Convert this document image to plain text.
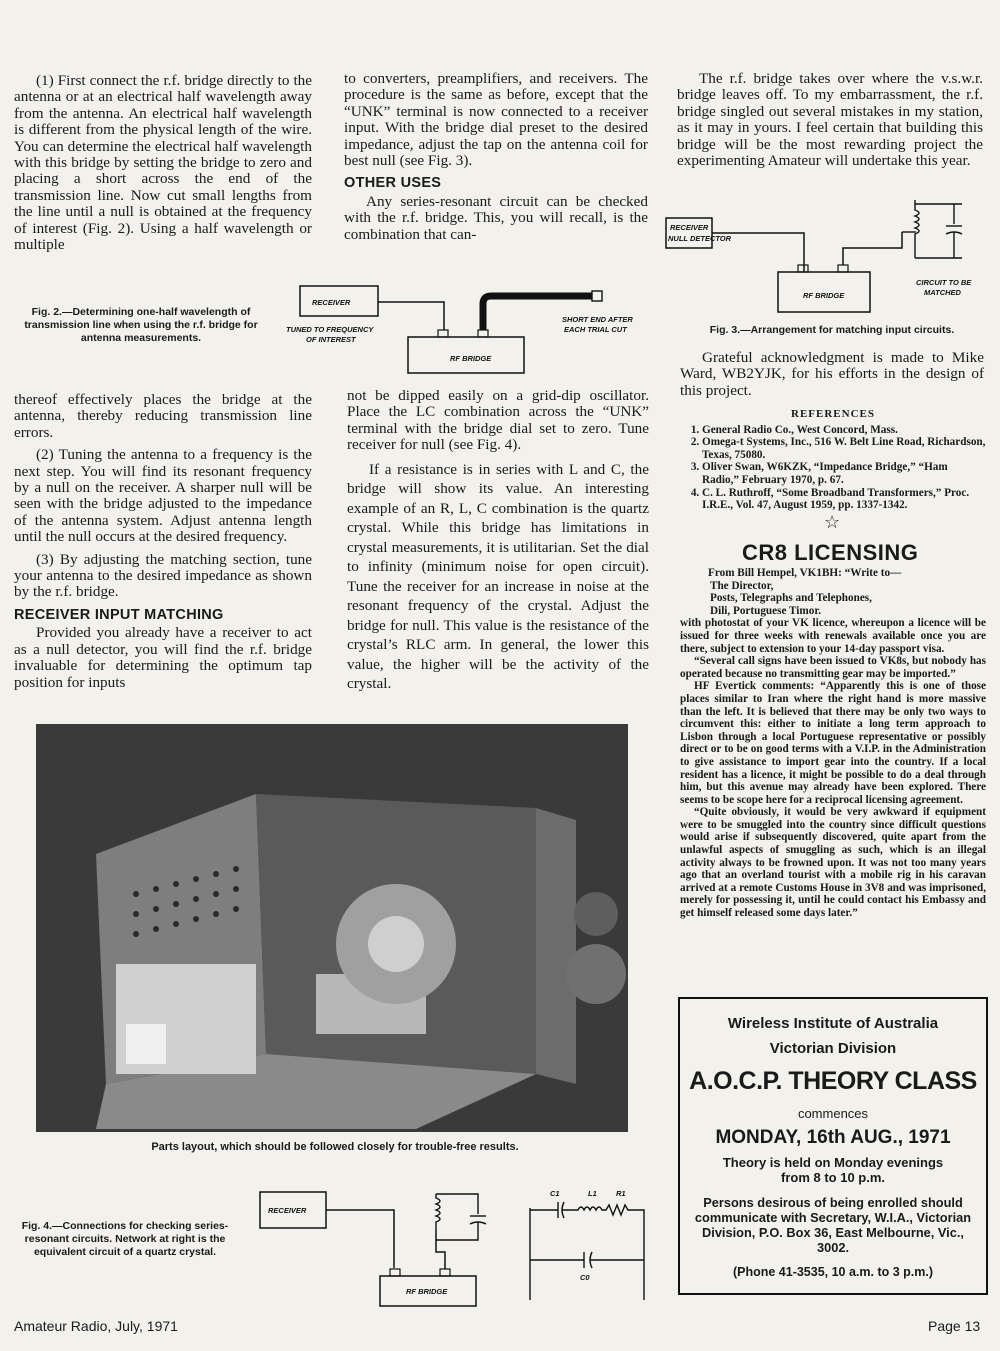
(1) First connect the r.f. bridge directly to the antenna or at an electrical half wavelength away from the antenna. An electrical half wavelength is different from the physical length of the wire. You can determine the electrical half wavelength with this bridge by setting the bridge to zero and placing a short across the end of the transmission line. Now cut small lengths from the line until a null is obtained at the frequency of interest (Fig. 2). Using a half wavelength or multiple

to converters, preamplifiers, and receivers. The procedure is the same as before, except that the “UNK” terminal is now connected to a receiver input. With the bridge dial preset to the desired impedance, adjust the tap on the antenna coil for best null (see Fig. 3).

OTHER USES

Any series-resonant circuit can be checked with the r.f. bridge. This, you will recall, is the combination that can-

The r.f. bridge takes over where the v.s.w.r. bridge leaves off. To my embarrassment, the r.f. bridge singled out several mistakes in my station, as it may in yours. I feel certain that building this bridge will be the most rewarding project the experimenting Amateur will undertake this year.

RECEIVER
NULL DETECTOR
RF BRIDGE
CIRCUIT TO BE
MATCHED
Fig. 3.—Arrangement for matching input circuits.
Fig. 2.—Determining one-half wavelength of transmission line when using the r.f. bridge for antenna measurements.
RECEIVER
TUNED TO FREQUENCY
OF INTEREST
RF BRIDGE
SHORT END AFTER
EACH TRIAL CUT

thereof effectively places the bridge at the antenna, thereby reducing transmission line errors.

(2) Tuning the antenna to a frequency is the next step. You will find its resonant frequency by a null on the receiver. A sharper null will be seen with the bridge adjusted to the impedance of the antenna system. Adjust antenna length until the null occurs at the desired frequency.

(3) By adjusting the matching section, tune your antenna to the desired impedance as shown by the r.f. bridge.

RECEIVER INPUT MATCHING

Provided you already have a receiver to act as a null detector, you will find the r.f. bridge invaluable for determining the optimum tap position for inputs

not be dipped easily on a grid-dip oscillator. Place the LC combination across the “UNK” terminal with the bridge dial set to zero. Tune receiver for null (see Fig. 4).

If a resistance is in series with L and C, the bridge will show its value. An interesting example of an R, L, C combination is the quartz crystal. While this bridge has limitations in crystal measurements, it is utilitarian. Set the dial to infinity (minimum noise for open circuit). Tune the receiver for an increase in noise at the resonant frequency of the crystal. Adjust the bridge for null. This value is the resistance of the crystal’s RLC arm. In general, the lower this value, the higher will be the activity of the crystal.

Grateful acknowledgment is made to Mike Ward, WB2YJK, for his efforts in the design of this project.

REFERENCES
1. General Radio Co., West Concord, Mass.
2. Omega-t Systems, Inc., 516 W. Belt Line Road, Richardson, Texas, 75080.
3. Oliver Swan, W6KZK, “Impedance Bridge,” “Ham Radio,” February 1970, p. 67.
4. C. L. Ruthroff, “Some Broadband Transformers,” Proc. I.R.E., Vol. 47, August 1959, pp. 1337-1342.
☆
CR8 LICENSING

From Bill Hempel, VK1BH: “Write to—

The Director,

Posts, Telegraphs and Telephones,

Dili, Portuguese Timor.

with photostat of your VK licence, whereupon a licence will be issued for three weeks with renewals available once you are there, subject to extension to your 14-day passport visa.

“Several call signs have been issued to VK8s, but nobody has operated because no transmitting gear may be imported.”

HF Evertick comments: “Apparently this is one of those places similar to Iran where the right hand is more massive than the left. It is believed that there may be only two ways to circumvent this: either to initiate a long term approach to Lisbon through a local Portuguese representative or possibly direct or to be on good terms with a V.I.P. in the Administration to give assistance to import gear into the country. If a local resident has a licence, it might be possible to do a deal through him, but this avenue may already have been explored. There seems to be scope here for a reciprocal licensing agreement.

“Quite obviously, it would be very awkward if equipment were to be smuggled into the country since difficult questions would arise if subsequently discovered, quite apart from the unlawful aspects of smuggling as such, which is an illegal activity always to be frowned upon. It was not too many years ago that an overland tourist with a mobile rig in his caravan arrived at a remote Customs House in 3V8 and was imprisoned, merely for possessing it, until he could contact his Embassy and get himself released some days later.”

Parts layout, which should be followed closely for trouble-free results.
Fig. 4.—Connections for checking series-resonant circuits. Network at right is the equivalent circuit of a quartz crystal.
RECEIVER
RF BRIDGE
C1	L1	R1
C0
Wireless Institute of Australia
Victorian Division
A.O.C.P. THEORY CLASS
commences
MONDAY, 16th AUG., 1971
Theory is held on Monday evenings
from 8 to 10 p.m.
Persons desirous of being enrolled should communicate with Secretary, W.I.A., Victorian Division, P.O. Box 36, East Melbourne, Vic., 3002.
(Phone 41-3535, 10 a.m. to 3 p.m.)
Amateur Radio, July, 1971	Page 13
